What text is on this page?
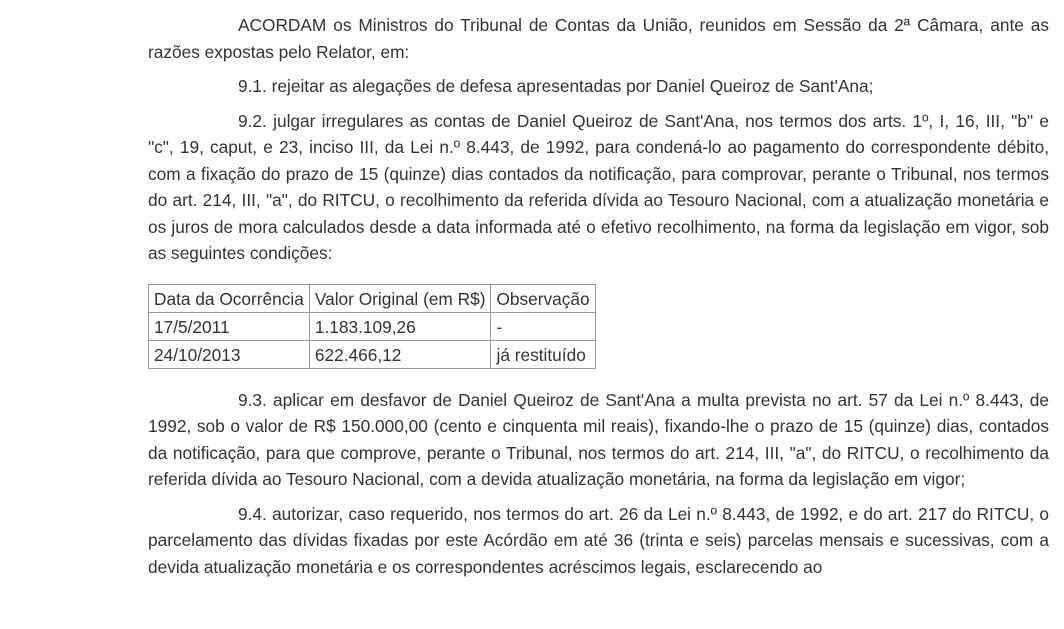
ACORDAM os Ministros do Tribunal de Contas da União, reunidos em Sessão da 2ª Câmara, ante as razões expostas pelo Relator, em:

9.1. rejeitar as alegações de defesa apresentadas por Daniel Queiroz de Sant'Ana;

9.2. julgar irregulares as contas de Daniel Queiroz de Sant'Ana, nos termos dos arts. 1º, I, 16, III, "b" e "c", 19, caput, e 23, inciso III, da Lei n.º 8.443, de 1992, para condená-lo ao pagamento do correspondente débito, com a fixação do prazo de 15 (quinze) dias contados da notificação, para comprovar, perante o Tribunal, nos termos do art. 214, III, "a", do RITCU, o recolhimento da referida dívida ao Tesouro Nacional, com a atualização monetária e os juros de mora calculados desde a data informada até o efetivo recolhimento, na forma da legislação em vigor, sob as seguintes condições:

Data da Ocorrência	Valor Original (em R$)	Observação
17/5/2011	1.183.109,26	-
24/10/2013	622.466,12	já restituído

9.3. aplicar em desfavor de Daniel Queiroz de Sant'Ana a multa prevista no art. 57 da Lei n.º 8.443, de 1992, sob o valor de R$ 150.000,00 (cento e cinquenta mil reais), fixando-lhe o prazo de 15 (quinze) dias, contados da notificação, para que comprove, perante o Tribunal, nos termos do art. 214, III, "a", do RITCU, o recolhimento da referida dívida ao Tesouro Nacional, com a devida atualização monetária, na forma da legislação em vigor;

9.4. autorizar, caso requerido, nos termos do art. 26 da Lei n.º 8.443, de 1992, e do art. 217 do RITCU, o parcelamento das dívidas fixadas por este Acórdão em até 36 (trinta e seis) parcelas mensais e sucessivas, com a devida atualização monetária e os correspondentes acréscimos legais, esclarecendo ao
